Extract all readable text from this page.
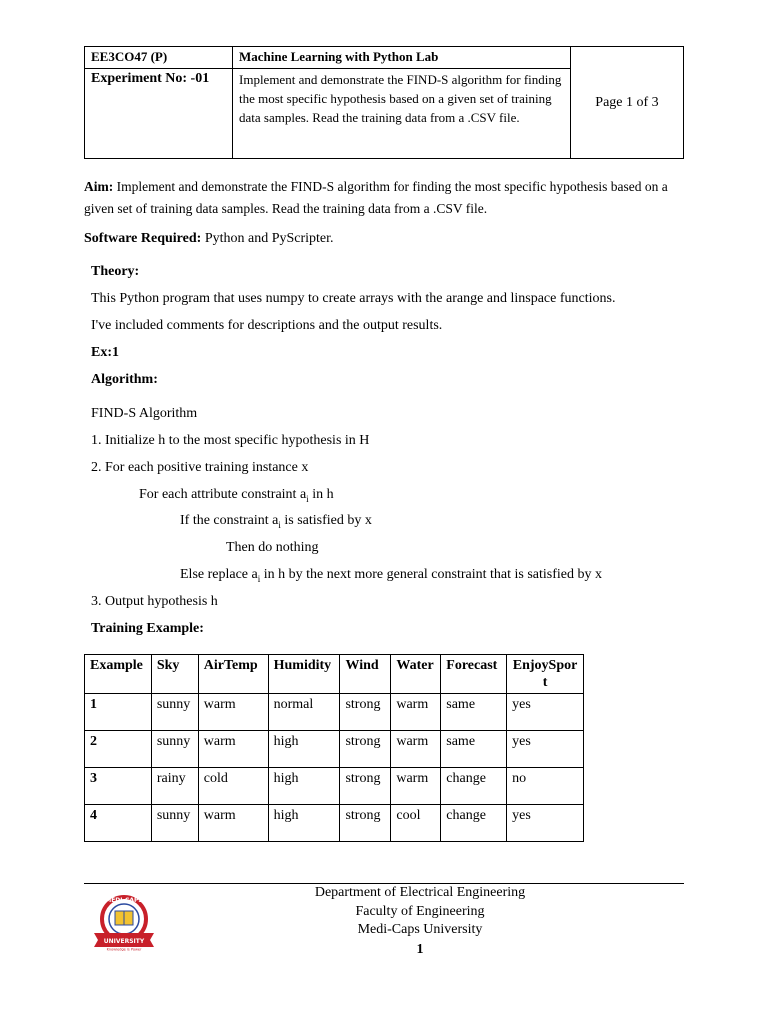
EE3CO47 (P)	Machine Learning with Python Lab	Page 1 of 3
Experiment No: -01	Implement and demonstrate the FIND-S algorithm for finding the most specific hypothesis based on a given set of training data samples. Read the training data from a .CSV file.	

Aim: Implement and demonstrate the FIND-S algorithm for finding the most specific hypothesis based on a given set of training data samples. Read the training data from a .CSV file.

Software Required: Python and PyScripter.

Theory:

This Python program that uses numpy to create arrays with the arange and linspace functions.

I've included comments for descriptions and the output results.

Ex:1

Algorithm:

FIND-S Algorithm

1. Initialize h to the most specific hypothesis in H

2. For each positive training instance x

For each attribute constraint $a_i$ in h

If the constraint $a_i$ is satisfied by x

Then do nothing

Else replace $a_i$ in h by the next more general constraint that is satisfied by x

3. Output hypothesis h

Training Example:

Example	Sky	AirTemp	Humidity	Wind	Water	Forecast	EnjoySport
1	sunny	warm	normal	strong	warm	same	yes
2	sunny	warm	high	strong	warm	same	yes
3	rainy	cold	high	strong	warm	change	no
4	sunny	warm	high	strong	cool	change	yes
MEDI-CAPS
UNIVERSITY
Knowledge is Power
Department of Electrical Engineering
Faculty of Engineering
Medi-Caps University
1
